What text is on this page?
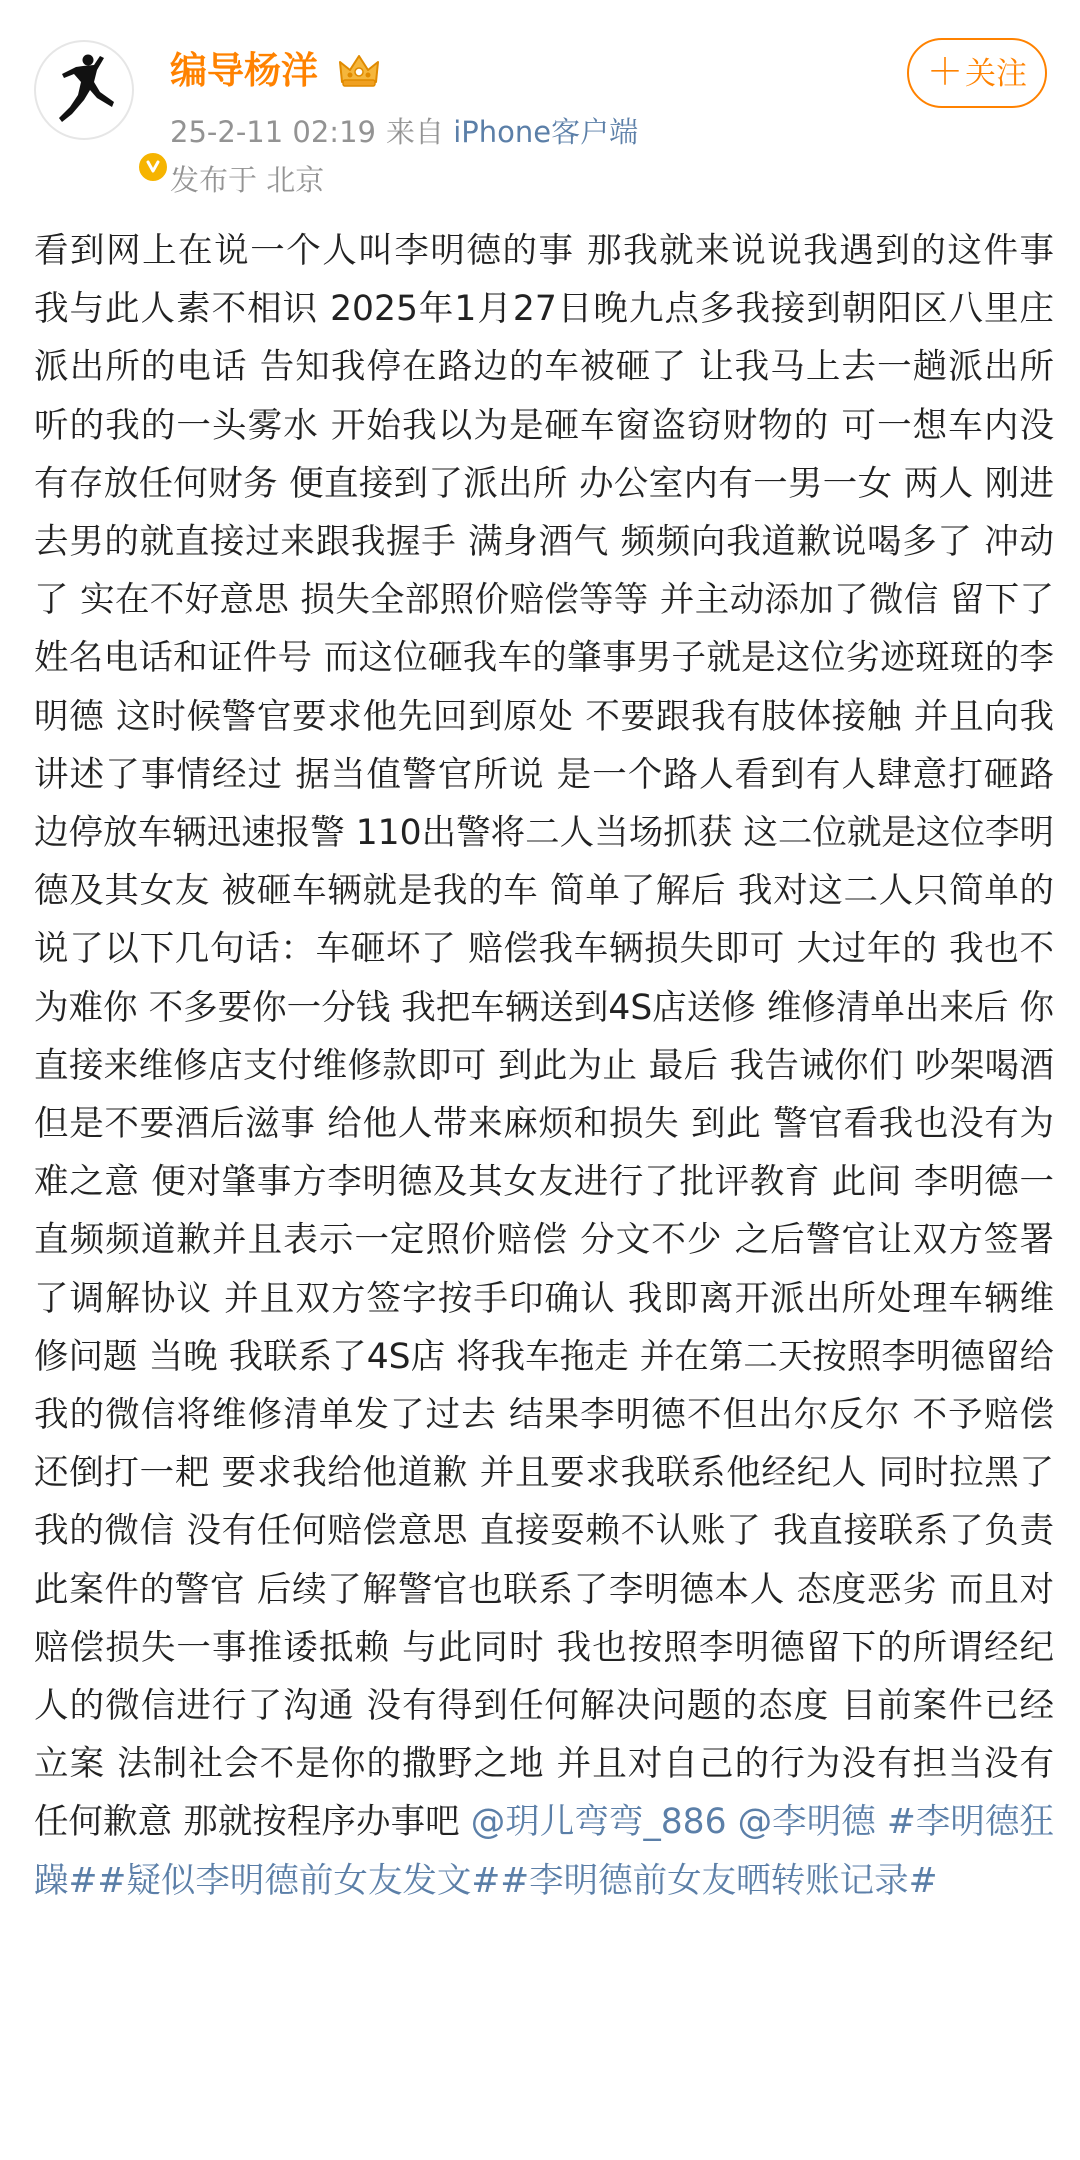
编导杨洋
25-2-11 02:19 来自 iPhone客户端
发布于 北京
＋关注
看到网上在说一个人叫李明德的事 那我就来说说我遇到的这件事 我与此人素不相识 2025年1月27日晚九点多我接到朝阳区八里庄派出所的电话 告知我停在路边的车被砸了 让我马上去一趟派出所 听的我的一头雾水 开始我以为是砸车窗盗窃财物的 可一想车内没有存放任何财务 便直接到了派出所 办公室内有一男一女 两人 刚进去男的就直接过来跟我握手 满身酒气 频频向我道歉说喝多了 冲动了 实在不好意思 损失全部照价赔偿等等 并主动添加了微信 留下了姓名电话和证件号 而这位砸我车的肇事男子就是这位劣迹斑斑的李明德 这时候警官要求他先回到原处 不要跟我有肢体接触 并且向我讲述了事情经过 据当值警官所说 是一个路人看到有人肆意打砸路边停放车辆迅速报警 110出警将二人当场抓获 这二位就是这位李明德及其女友 被砸车辆就是我的车 简单了解后 我对这二人只简单的说了以下几句话：车砸坏了 赔偿我车辆损失即可 大过年的 我也不为难你 不多要你一分钱 我把车辆送到4S店送修 维修清单出来后 你直接来维修店支付维修款即可 到此为止 最后 我告诫你们 吵架喝酒但是不要酒后滋事 给他人带来麻烦和损失 到此 警官看我也没有为难之意 便对肇事方李明德及其女友进行了批评教育 此间 李明德一直频频道歉并且表示一定照价赔偿 分文不少 之后警官让双方签署了调解协议 并且双方签字按手印确认 我即离开派出所处理车辆维修问题 当晚 我联系了4S店 将我车拖走 并在第二天按照李明德留给我的微信将维修清单发了过去 结果李明德不但出尔反尔 不予赔偿 还倒打一耙 要求我给他道歉 并且要求我联系他经纪人 同时拉黑了我的微信 没有任何赔偿意思 直接耍赖不认账了 我直接联系了负责此案件的警官 后续了解警官也联系了李明德本人 态度恶劣 而且对赔偿损失一事推诿抵赖 与此同时 我也按照李明德留下的所谓经纪人的微信进行了沟通 没有得到任何解决问题的态度 目前案件已经立案 法制社会不是你的撒野之地 并且对自己的行为没有担当没有任何歉意 那就按程序办事吧 @玥儿弯弯_886 @李明德 #李明德狂躁##疑似李明德前女友发文##李明德前女友晒转账记录#
